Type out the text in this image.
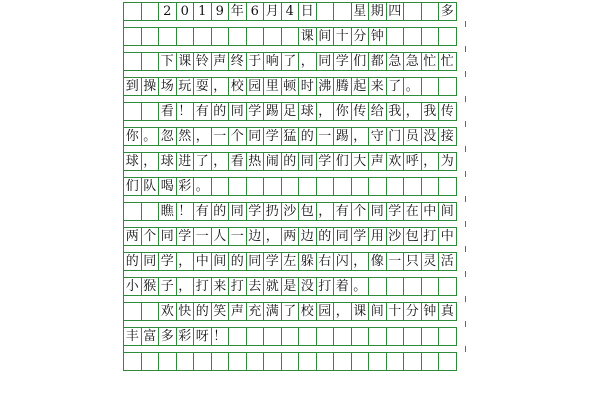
2 0 1 9 年 6 月 4 日	星 期 四	多
课 间 十 分 钟
下 课 铃 声 终 于 响 了 ， 同 学 们 都 急 急 忙 忙
到 操 场 玩 耍 ， 校 园 里 顿 时 沸 腾 起 来 了 。
看 ！ 有 的 同 学 踢 足 球 ， 你 传 给 我 ， 我 传
你 。 忽 然 ， 一 个 同 学 猛 的 一 踢 ， 守 门 员 没 接
球 ， 球 进 了 ， 看 热 闹 的 同 学 们 大 声 欢 呼 ， 为
们 队 喝 彩 。
瞧 ！ 有 的 同 学 扔 沙 包 ， 有 个 同 学 在 中 间
两 个 同 学 一 人 一 边 ， 两 边 的 同 学 用 沙 包 打 中
的 同 学 ， 中 间 的 同 学 左 躲 右 闪 ， 像 一 只 灵 活
小 猴 子 ， 打 来 打 去 就 是 没 打 着 。
欢 快 的 笑 声 充 满 了 校 园 ， 课 间 十 分 钟 真
丰 富 多 彩 呀 ！
